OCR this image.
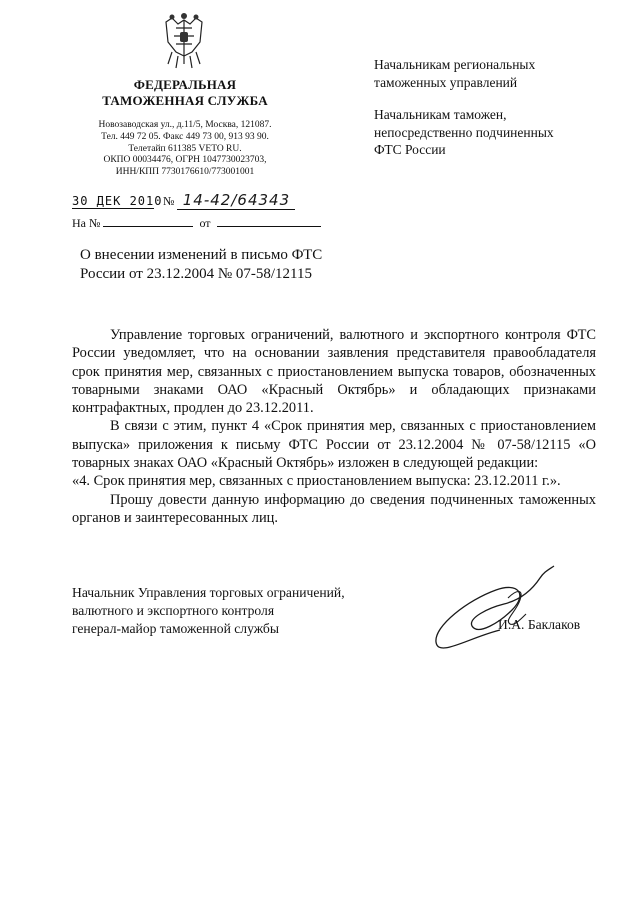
ФЕДЕРАЛЬНАЯ
ТАМОЖЕННАЯ СЛУЖБА
Новозаводская ул., д.11/5, Москва, 121087.
Тел. 449 72 05. Факс 449 73 00, 913 93 90.
Телетайп 611385 VETO RU.
ОКПО 00034476, ОГРН 1047730023703,
ИНН/КПП 7730176610/773001001
30 ДЕК 2010 № 14-42/64343
На №	от
О внесении изменений в письмо ФТС
России от 23.12.2004 № 07-58/12115
Начальникам региональных
таможенных управлений
Начальникам таможен,
непосредственно подчиненных
ФТС России

Управление торговых ограничений, валютного и экспортного контроля ФТС России уведомляет, что на основании заявления представителя правообладателя срок принятия мер, связанных с приостановлением выпуска товаров, обозначенных товарными знаками ОАО «Красный Октябрь» и обладающих признаками контрафактных, продлен до 23.12.2011.

В связи с этим, пункт 4 «Срок принятия мер, связанных с приостановлением выпуска» приложения к письму ФТС России от 23.12.2004 № 07-58/12115 «О товарных знаках ОАО «Красный Октябрь» изложен в следующей редакции:

«4. Срок принятия мер, связанных с приостановлением выпуска: 23.12.2011 г.».

Прошу довести данную информацию до сведения подчиненных таможенных органов и заинтересованных лиц.

Начальник Управления торговых ограничений,
валютного и экспортного контроля
генерал-майор таможенной службы	И.А. Баклаков
